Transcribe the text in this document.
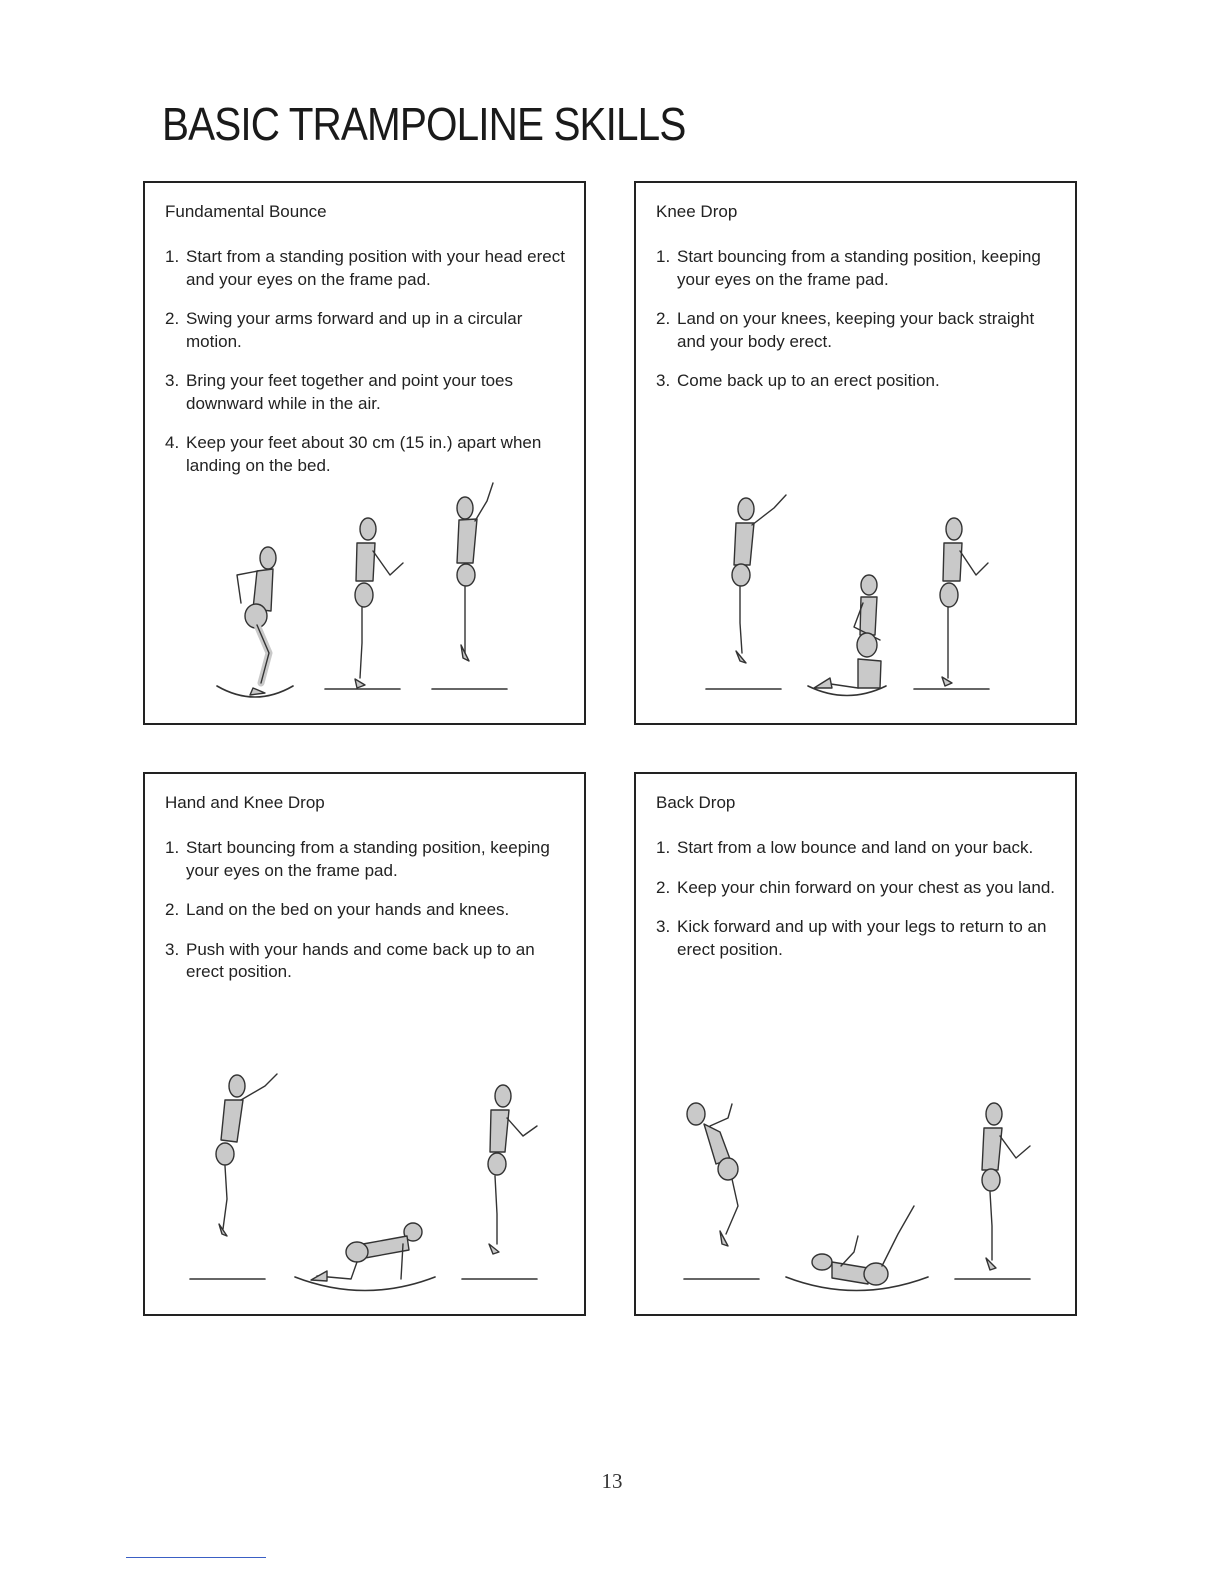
BASIC TRAMPOLINE SKILLS
Fundamental Bounce
1. Start from a standing position with your head erect and your eyes on the frame pad.
2. Swing your arms forward and up in a circular motion.
3. Bring your feet together and point your toes downward while in the air.
4. Keep your feet about 30 cm (15 in.) apart when landing on the bed.
Knee Drop
1. Start bouncing from a standing position, keeping your eyes on the frame pad.
2. Land on your knees, keeping your back straight and your body erect.
3. Come back up to an erect position.
Hand and Knee Drop
1. Start bouncing from a standing position, keeping your eyes on the frame pad.
2. Land on the bed on your hands and knees.
3. Push with your hands and come back up to an erect position.
Back Drop
1. Start from a low bounce and land on your back.
2. Keep your chin forward on your chest as you land.
3. Kick forward and up with your legs to return to an erect position.
13
